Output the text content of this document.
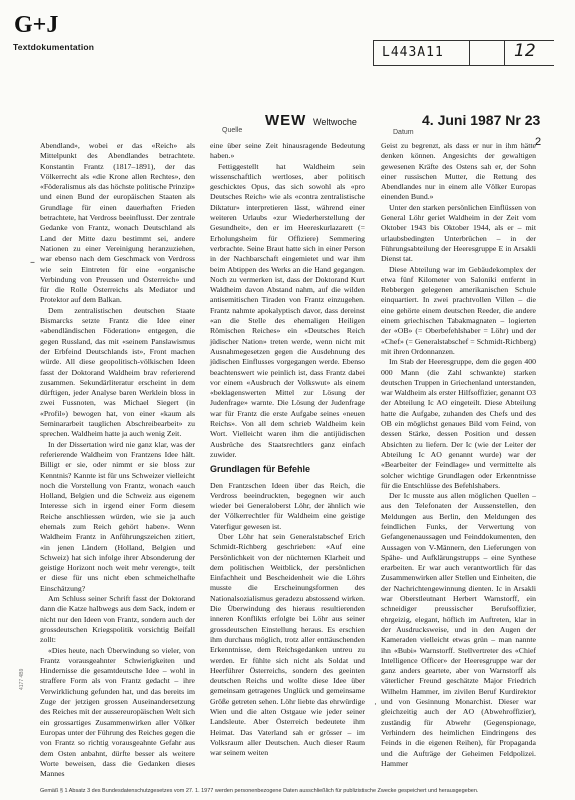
G+J
Textdokumentation	L443A11	12
Quelle
WEW Weltwoche
Datum
4. Juni 1987 Nr 23
2

Abendland», wobei er das «Reich» als Mittelpunkt des Abendlandes betrachtete. Konstantin Frantz (1817–1891), der das Völkerrecht als «die Krone allen Rechtes», den «Föderalismus als das höchste politische Prinzip» und einen Bund der europäischen Staaten als Grundlage für einen dauerhaften Frieden betrachtete, hat Verdross beeinflusst. Der zentrale Gedanke von Frantz, wonach Deutschland als Land der Mitte dazu bestimmt sei, andere Nationen zu einer Vereinigung heranzuziehen, war ebenso nach dem Geschmack von Verdross wie sein Eintreten für eine «organische Verbindung von Preussen und Österreich» und für die Rolle Österreichs als Mediator und Protektor auf dem Balkan.

Dem zentralistischen deutschen Staate Bismarcks setzte Frantz die Idee einer «abendländischen Föderation» entgegen, die gegen Russland, das mit «seinem Panslawismus der Erbfeind Deutschlands ist», Front machen würde. All diese geopolitisch-völkischen Ideen fasst der Doktorand Waldheim brav referierend zusammen. Sekundärliteratur erscheint in dem dürftigen, jeder Analyse baren Werklein bloss in zwei Fussnoten, was Michael Siegert (in «Profil») bewogen hat, von einer «kaum als Seminararbeit tauglichen Abschreibearbeit» zu sprechen. Waldheim hatte ja auch wenig Zeit.

In der Dissertation wird nie ganz klar, was der referierende Waldheim von Frantzens Idee hält. Billigt er sie, oder nimmt er sie bloss zur Kenntnis? Kannte ist für uns Schweizer vielleicht noch die Vorstellung von Frantz, wonach «auch Holland, Belgien und die Schweiz aus eigenem Interesse sich in irgend einer Form diesem Reiche anschliessen würden, wie sie ja auch ehemals zum Reich gehört haben». Wenn Waldheim Frantz in Anführungszeichen zitiert, «in jenen Ländern (Holland, Belgien und Schweiz) hat sich infolge ihrer Absonderung der geistige Horizont noch weit mehr verengt», teilt er diese für uns nicht eben schmeichelhafte Einschätzung?

Am Schluss seiner Schrift fasst der Doktorand dann die Katze halbwegs aus dem Sack, indem er nicht nur den Ideen von Frantz, sondern auch der grossdeutschen Kriegspolitik vorsichtig Beifall zollt:

«Dies heute, nach Überwindung so vieler, von Frantz vorausgeahnter Schwierigkeiten und Hindernisse die gesamtdeutsche Idee – wohl in straffere Form als von Frantz gedacht – ihre Verwirklichung gefunden hat, und das bereits im Zuge der jetzigen grossen Auseinandersetzung des Reiches mit der aussereuropäischen Welt sich ein grossartiges Zusammenwirken aller Völker Europas unter der Führung des Reiches gegen die von Frantz so richtig vorausgeahnte Gefahr aus dem Osten anbahnt, dürfte besser als weitere Worte beweisen, dass die Gedanken dieses Mannes

eine über seine Zeit hinausragende Bedeutung haben.»

Fettiggestellt hat Waldheim sein wissenschaftlich wertloses, aber politisch geschicktes Opus, das sich sowohl als «pro Deutsches Reich» wie als «contra zentralistische Diktatur» interpretieren lässt, während einer weiteren Urlaubs «zur Wiederherstellung der Gesundheit», den er im Heereskurlazarett (= Erholungsheim für Offiziere) Semmering verbrachte. Seine Braut hatte sich in einer Person in der Nachbarschaft eingemietet und war ihm beim Abtippen des Werks an die Hand gegangen. Noch zu vermerken ist, dass der Doktorand Kurt Waldheim davon Abstand nahm, auf die wilden antisemitischen Tiraden von Frantz einzugehen. Frantz nahmte apokalyptisch davor, dass dereinst «an die Stelle des ehemaligen Heiligen Römischen Reiches» ein «Deutsches Reich jüdischer Nation» treten werde, wenn nicht mit Ausnahmegesetzen gegen die Ausdehnung des jüdischen Einflusses vorgegangen werde. Ebenso beachtenswert wie peinlich ist, dass Frantz dabei vor einem «Ausbruch der Volkswut» als einem «beklagenswerten Mittel zur Lösung der Judenfrage» warnte. Die Lösung der Judenfrage war für Frantz die erste Aufgabe seines «neuen Reichs». Von all dem schrieb Waldheim kein Wort. Vielleicht waren ihm die antijüdischen Ausbrüche des Staatsrechtlers ganz einfach zuwider.

Grundlagen für Befehle

Den Frantzschen Ideen über das Reich, die Verdross beeindruckten, begegnen wir auch wieder bei Generaloberst Löhr, der ähnlich wie der Völkerrechtler für Waldheim eine geistige Vaterfigur gewesen ist.

Über Löhr hat sein Generalstabschef Erich Schmidt-Richberg geschrieben: «Auf eine Persönlichkeit von der nüchternen Klarheit und dem politischen Weitblick, der persönlichen Einfachheit und Bescheidenheit wie die Löhrs musste die Erscheinungsformen des Nationalsozialismus geradezu abstossend wirken. Die Überwindung des hieraus resultierenden inneren Konflikts erfolgte bei Löhr aus seiner grossdeutschen Einstellung heraus. Es erschien ihm durchaus möglich, trotz aller enttäuschenden Erkenntnisse, dem Reichsgedanken untreu zu werden. Er fühlte sich nicht als Soldat und Heerführer Österreichs, sondern des geeinten deutschen Reichs und wollte diese Idee über gemeinsam getragenes Unglück und gemeinsame Größe getreten sehen. Löhr liebte das ehrwürdige Wien und die alten Ostgaue wie jeder seiner Landsleute. Aber Österreich bedeutete ihm Heimat. Das Vaterland sah er grösser – im Volksraum aller Deutschen. Auch dieser Raum war seinem weiten

Geist zu begrenzt, als dass er nur in ihm hätte denken können. Angesichts der gewaltigen gewesenen Kräfte des Ostens sah er, der Sohn einer russischen Mutter, die Rettung des Abendlandes nur in einem alle Völker Europas einenden Bund.»

Unter den starken persönlichen Einflüssen von General Löhr geriet Waldheim in der Zeit vom Oktober 1943 bis Oktober 1944, als er – mit urlaubsbedingten Unterbrüchen – in der Führungsabteilung der Heeresgruppe E in Arsakli Dienst tat.

Diese Abteilung war im Gebäudekomplex der etwa fünf Kilometer von Saloniki entfernt in Rebbergen gelegenen amerikanischen Schule einquartiert. In zwei prachtvollen Villen – die eine gehörte einem deutschen Reeder, die andere einem griechischen Tabakmagnaten – logierten der «OB» (= Oberbefehlshaber = Löhr) und der «Chef» (= Generalstabschef = Schmidt-Richberg) mit ihren Ordonnanzen.

Im Stab der Heeresgruppe, dem die gegen 400 000 Mann (die Zahl schwankte) starken deutschen Truppen in Griechenland unterstanden, war Waldheim als erster Hilfsoffizier, genannt O3 der Abteilung Ic AO eingeteilt. Diese Abteilung hatte die Aufgabe, zuhanden des Chefs und des OB ein möglichst genaues Bild vom Feind, von dessen Stärke, dessen Position und dessen Absichten zu liefern. Der Ic (wie der Leiter der Abteilung Ic AO genannt wurde) war der «Bearbeiter der Feindlage» und vermittelte als solcher wichtige Grundlagen oder Erkenntnisse für die Entschlüsse des Befehlshabers.

Der Ic musste aus allen möglichen Quellen – aus den Telefonaten der Aussenstellen, den Meldungen aus Berlin, den Meldungen des feindlichen Funks, der Verwertung von Gefangenenaussagen und Feinddokumenten, den Aussagen von V-Männern, den Lieferungen von Spähe- und Aufklärungstrupps – eine Synthese erarbeiten. Er war auch verantwortlich für das Zusammenwirken aller Stellen und Einheiten, die der Nachrichtengewinnung dienten. Ic in Arsakli war Oberstleutnant Herbert Warnstorff, ein schneidiger preussischer Berufsoffizier, ehrgeizig, elegant, höflich im Auftreten, klar in der Ausdrucksweise, und in den Augen der Kameraden vielleicht etwas grün – man nannte ihn «Bubi» Warnstorff. Stellvertreter des «Chief Intelligence Officer» der Heeresgruppe war der ganz anders geartete, aber von Warnstorff als väterlicher Freund geschätzte Major Friedrich Wilhelm Hammer, im zivilen Beruf Kurdirektor und von Gesinnung Monarchist. Dieser war gleichzeitig auch der AO (Abwehroffizier), zuständig für Abwehr (Gegenspionage, Verhindern des heimlichen Eindringens des Feinds in die eigenen Reihen), für Propaganda und die Aufträge der Geheimen Feldpolizei. Hammer

–
·
4177 4B9
Gemäß § 1 Absatz 3 des Bundesdatenschutzgesetzes vom 27. 1. 1977 werden personenbezogene Daten ausschließlich für publizistische Zwecke gespeichert und herausgegeben.
